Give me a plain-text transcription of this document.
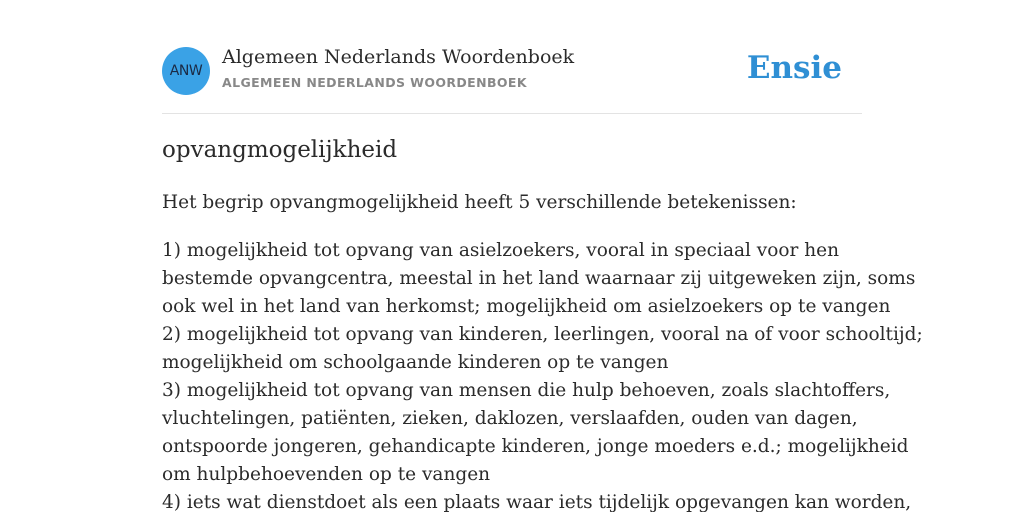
ANW
Algemeen Nederlands Woordenboek
ALGEMEEN NEDERLANDS WOORDENBOEK	Ensie
opvangmogelijkheid

Het begrip opvangmogelijkheid heeft 5 verschillende betekenissen:

1) mogelijkheid tot opvang van asielzoekers, vooral in speciaal voor hen
bestemde opvangcentra, meestal in het land waarnaar zij uitgeweken zijn, soms
ook wel in het land van herkomst; mogelijkheid om asielzoekers op te vangen
2) mogelijkheid tot opvang van kinderen, leerlingen, vooral na of voor schooltijd;
mogelijkheid om schoolgaande kinderen op te vangen
3) mogelijkheid tot opvang van mensen die hulp behoeven, zoals slachtoffers,
vluchtelingen, patiënten, zieken, daklozen, verslaafden, ouden van dagen,
ontspoorde jongeren, gehandicapte kinderen, jonge moeders e.d.; mogelijkheid
om hulpbehoevenden op te vangen
4) iets wat dienstdoet als een plaats waar iets tijdelijk opgevangen kan worden,
